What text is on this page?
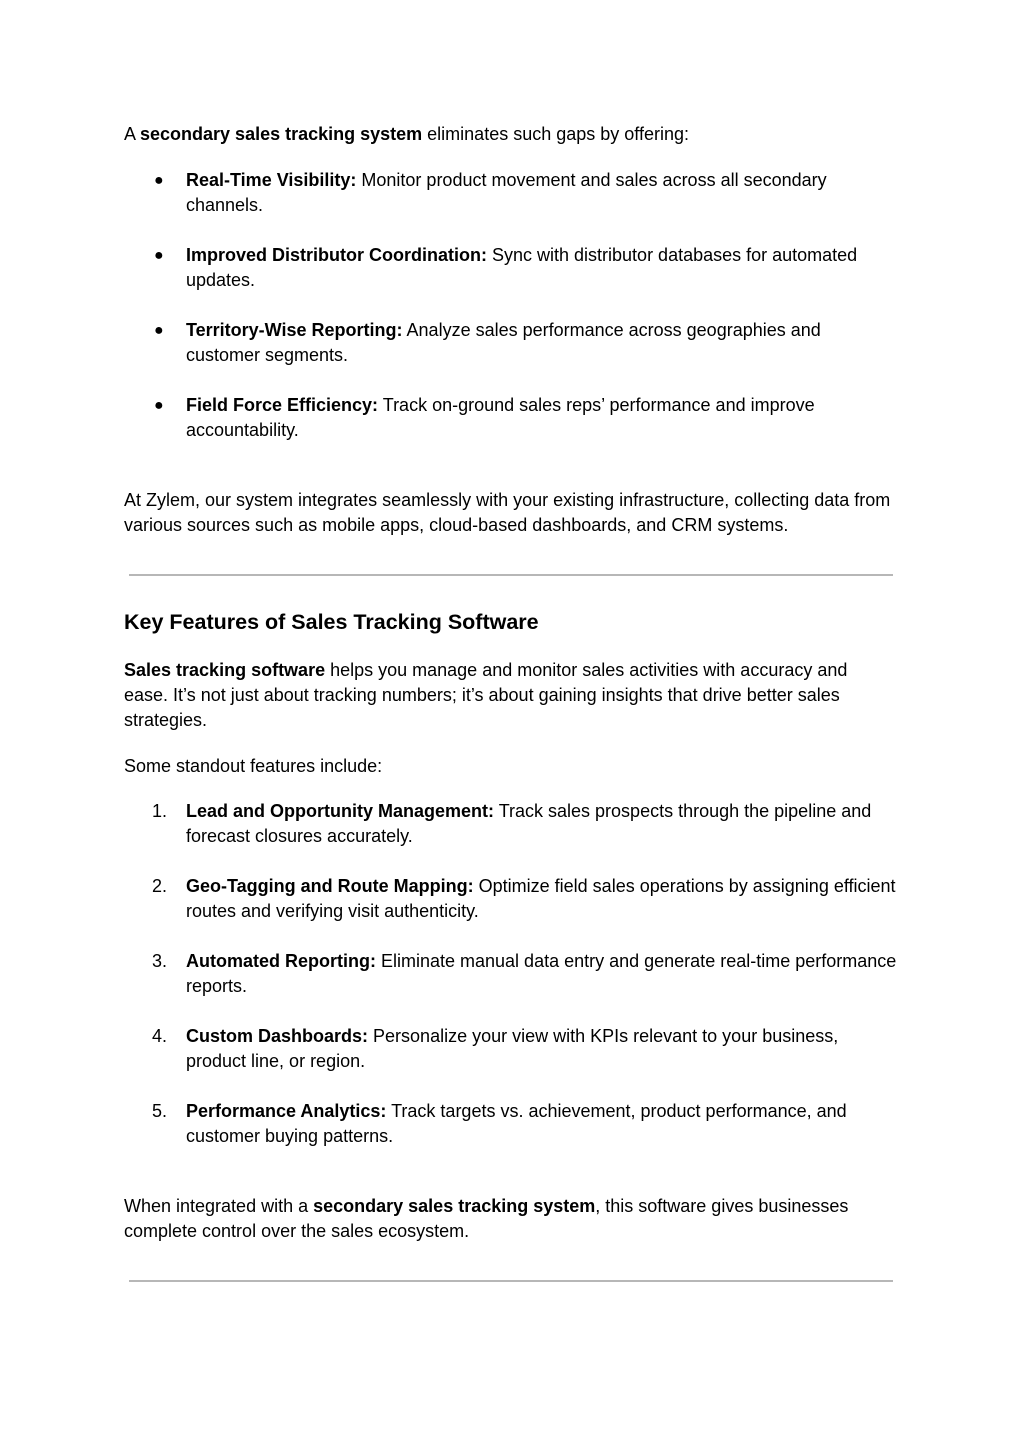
A secondary sales tracking system eliminates such gaps by offering:

● Real-Time Visibility: Monitor product movement and sales across all secondary channels.
● Improved Distributor Coordination: Sync with distributor databases for automated updates.
● Territory-Wise Reporting: Analyze sales performance across geographies and customer segments.
● Field Force Efficiency: Track on-ground sales reps’ performance and improve accountability.

At Zylem, our system integrates seamlessly with your existing infrastructure, collecting data from various sources such as mobile apps, cloud-based dashboards, and CRM systems.

Key Features of Sales Tracking Software

Sales tracking software helps you manage and monitor sales activities with accuracy and ease. It’s not just about tracking numbers; it’s about gaining insights that drive better sales strategies.

Some standout features include:

1.	Lead and Opportunity Management: Track sales prospects through the pipeline and forecast closures accurately.
2.	Geo-Tagging and Route Mapping: Optimize field sales operations by assigning efficient routes and verifying visit authenticity.
3.	Automated Reporting: Eliminate manual data entry and generate real-time performance reports.
4.	Custom Dashboards: Personalize your view with KPIs relevant to your business, product line, or region.
5.	Performance Analytics: Track targets vs. achievement, product performance, and customer buying patterns.

When integrated with a secondary sales tracking system, this software gives businesses complete control over the sales ecosystem.
